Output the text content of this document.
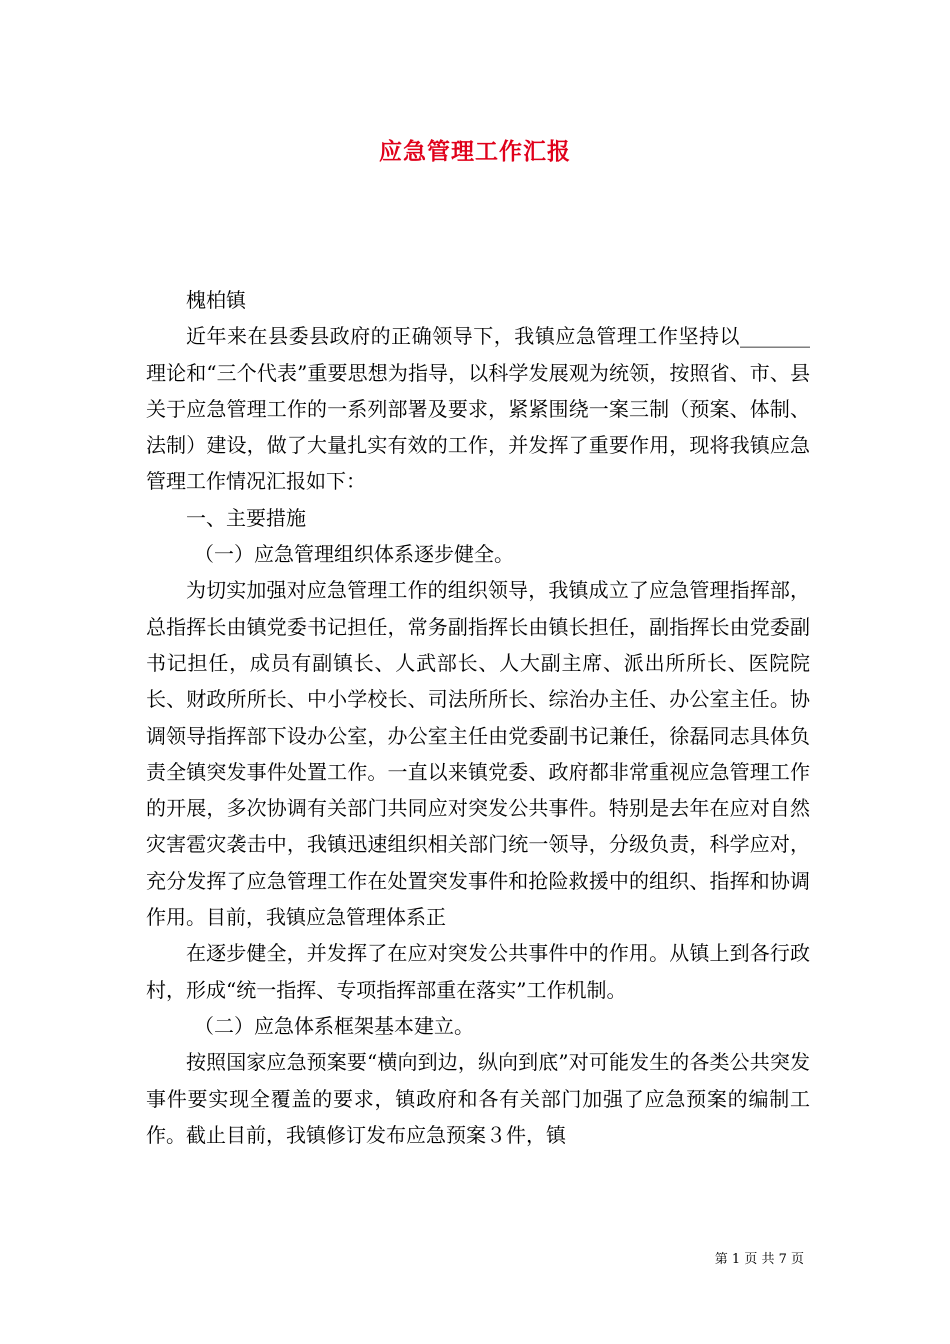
应急管理工作汇报

槐柏镇

近年来在县委县政府的正确领导下，我镇应急管理工作坚持以_______理论和“三个代表”重要思想为指导，以科学发展观为统领，按照省、市、县关于应急管理工作的一系列部署及要求，紧紧围绕一案三制（预案、体制、法制）建设，做了大量扎实有效的工作，并发挥了重要作用，现将我镇应急管理工作情况汇报如下：

一、主要措施

（一）应急管理组织体系逐步健全。

为切实加强对应急管理工作的组织领导，我镇成立了应急管理指挥部，总指挥长由镇党委书记担任，常务副指挥长由镇长担任，副指挥长由党委副书记担任，成员有副镇长、人武部长、人大副主席、派出所所长、医院院长、财政所所长、中小学校长、司法所所长、综治办主任、办公室主任。协调领导指挥部下设办公室，办公室主任由党委副书记兼任，徐磊同志具体负责全镇突发事件处置工作。一直以来镇党委、政府都非常重视应急管理工作的开展，多次协调有关部门共同应对突发公共事件。特别是去年在应对自然灾害雹灾袭击中，我镇迅速组织相关部门统一领导，分级负责，科学应对，充分发挥了应急管理工作在处置突发事件和抢险救援中的组织、指挥和协调作用。目前，我镇应急管理体系正

在逐步健全，并发挥了在应对突发公共事件中的作用。从镇上到各行政村，形成“统一指挥、专项指挥部重在落实”工作机制。

（二）应急体系框架基本建立。

按照国家应急预案要“横向到边，纵向到底”对可能发生的各类公共突发事件要实现全覆盖的要求，镇政府和各有关部门加强了应急预案的编制工作。截止目前，我镇修订发布应急预案３件，镇

第 1 页 共 7 页
